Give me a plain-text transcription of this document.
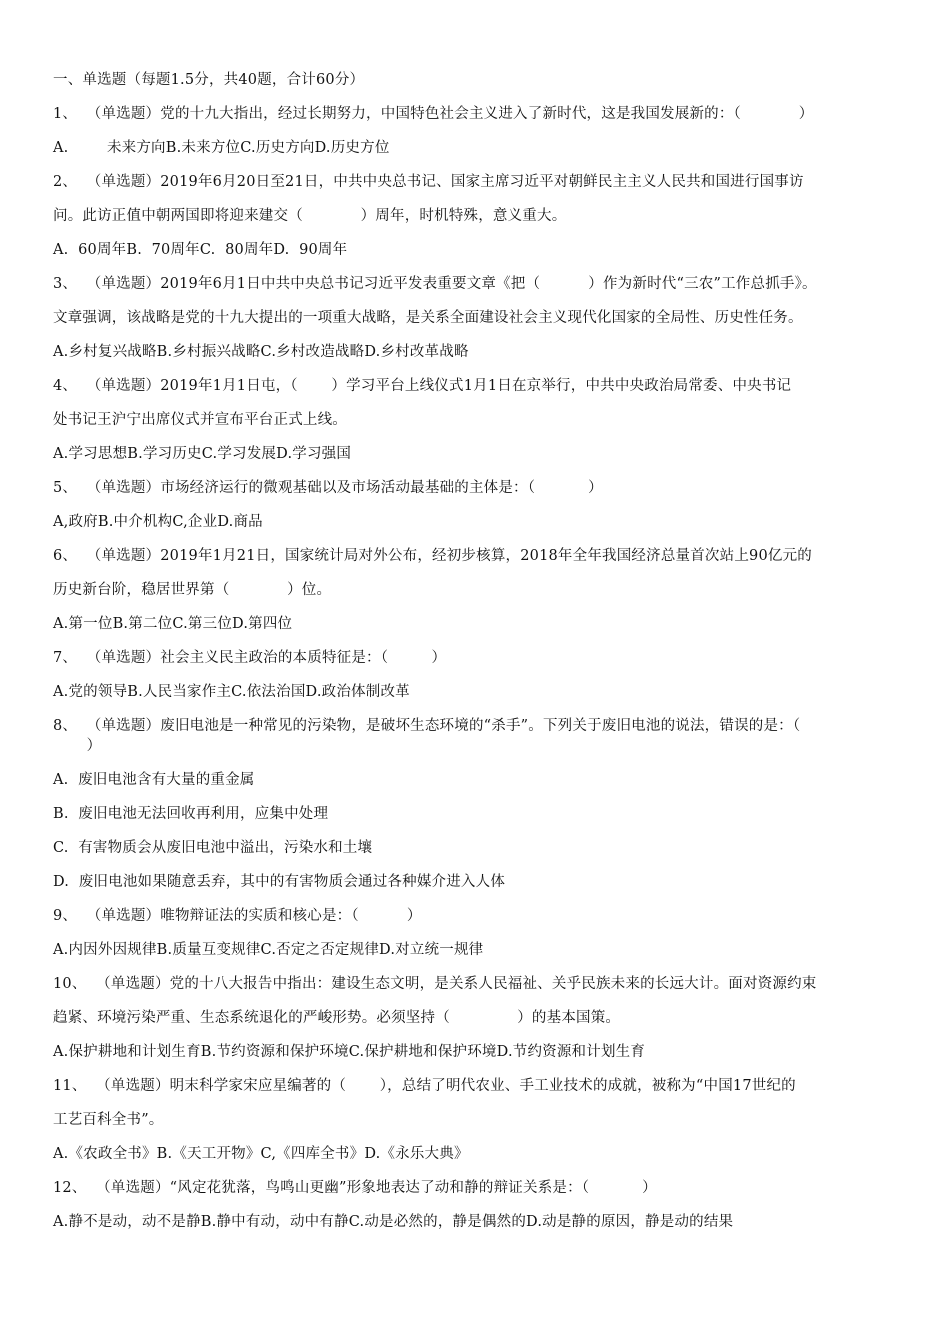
一、单选题（每题1.5分，共40题，合计60分）
1、  （单选题）党的十九大指出，经过长期努力，中国特色社会主义进入了新时代，这是我国发展新的：（            ）
A.        未来方向B.未来方位C.历史方向D.历史方位
2、  （单选题）2019年6月20日至21日，中共中央总书记、国家主席习近平对朝鲜民主主义人民共和国进行国事访
问。此访正值中朝两国即将迎来建交（            ）周年，时机特殊，意义重大。
A.  60周年B.  70周年C.  80周年D.  90周年
3、  （单选题）2019年6月1日中共中央总书记习近平发表重要文章《把（          ）作为新时代“三农”工作总抓手》。
文章强调，该战略是党的十九大提出的一项重大战略，是关系全面建设社会主义现代化国家的全局性、历史性任务。
A.乡村复兴战略B.乡村振兴战略C.乡村改造战略D.乡村改革战略
4、  （单选题）2019年1月1日屯，（       ）学习平台上线仪式1月1日在京举行，中共中央政治局常委、中央书记
处书记王沪宁出席仪式并宣布平台正式上线。
A.学习思想B.学习历史C.学习发展D.学习强国
5、  （单选题）市场经济运行的微观基础以及市场活动最基础的主体是：（           ）
A,政府B.中介机构C,企业D.商品
6、  （单选题）2019年1月21日，国家统计局对外公布，经初步核算，2018年全年我国经济总量首次站上90亿元的
历史新台阶，稳居世界第（            ）位。
A.第一位B.第二位C.第三位D.第四位
7、  （单选题）社会主义民主政治的本质特征是：（         ）
A.党的领导B.人民当家作主C.依法治国D.政治体制改革
8、  （单选题）废旧电池是一种常见的污染物，是破坏生态环境的“杀手”。下列关于废旧电池的说法，错误的是：（
）
A.  废旧电池含有大量的重金属
B.  废旧电池无法回收再利用，应集中处理
C.  有害物质会从废旧电池中溢出，污染水和土壤
D.  废旧电池如果随意丢弃，其中的有害物质会通过各种媒介进入人体
9、  （单选题）唯物辩证法的实质和核心是：（          ）
A.内因外因规律B.质量互变规律C.否定之否定规律D.对立统一规律
10、  （单选题）党的十八大报告中指出：建设生态文明，是关系人民福祉、关乎民族未来的长远大计。面对资源约束
趋紧、环境污染严重、生态系统退化的严峻形势。必须坚持（              ）的基本国策。
A.保护耕地和计划生育B.节约资源和保护环境C.保护耕地和保护环境D.节约资源和计划生育
11、  （单选题）明末科学家宋应星编著的（       ），总结了明代农业、手工业技术的成就，被称为“中国17世纪的
工艺百科全书”。
A.《农政全书》B.《天工开物》C,《四库全书》D.《永乐大典》
12、  （单选题）“风定花犹落，鸟鸣山更幽”形象地表达了动和静的辩证关系是：（           ）
A.静不是动，动不是静B.静中有动，动中有静C.动是必然的，静是偶然的D.动是静的原因，静是动的结果
